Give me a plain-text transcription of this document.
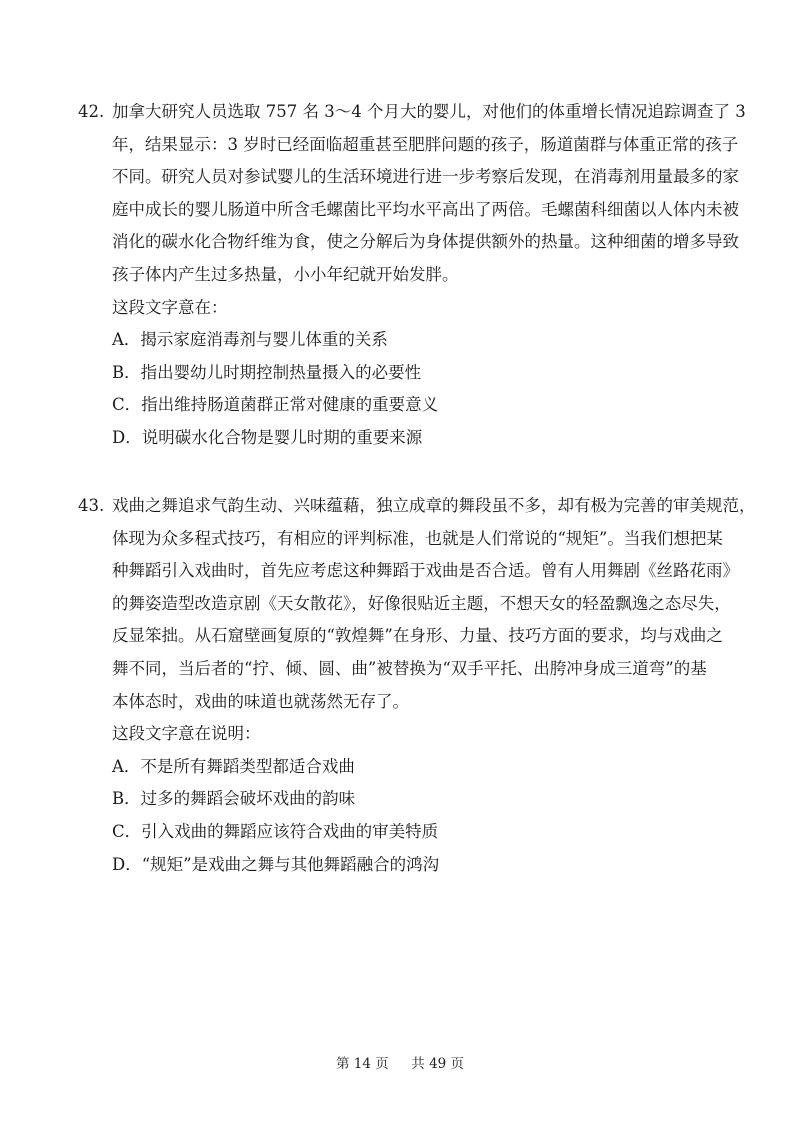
42. 加拿大研究人员选取 757 名 3～4 个月大的婴儿，对他们的体重增长情况追踪调查了 3
年，结果显示：3 岁时已经面临超重甚至肥胖问题的孩子，肠道菌群与体重正常的孩子
不同。研究人员对参试婴儿的生活环境进行进一步考察后发现，在消毒剂用量最多的家
庭中成长的婴儿肠道中所含毛螺菌比平均水平高出了两倍。毛螺菌科细菌以人体内未被
消化的碳水化合物纤维为食，使之分解后为身体提供额外的热量。这种细菌的增多导致
孩子体内产生过多热量，小小年纪就开始发胖。
这段文字意在：
A．揭示家庭消毒剂与婴儿体重的关系
B．指出婴幼儿时期控制热量摄入的必要性
C．指出维持肠道菌群正常对健康的重要意义
D．说明碳水化合物是婴儿时期的重要来源
43. 戏曲之舞追求气韵生动、兴味蕴藉，独立成章的舞段虽不多，却有极为完善的审美规范，
体现为众多程式技巧，有相应的评判标准，也就是人们常说的“规矩”。当我们想把某
种舞蹈引入戏曲时，首先应考虑这种舞蹈于戏曲是否合适。曾有人用舞剧《丝路花雨》
的舞姿造型改造京剧《天女散花》，好像很贴近主题，不想天女的轻盈飘逸之态尽失，
反显笨拙。从石窟壁画复原的“敦煌舞”在身形、力量、技巧方面的要求，均与戏曲之
舞不同，当后者的“拧、倾、圆、曲”被替换为“双手平托、出胯冲身成三道弯”的基
本体态时，戏曲的味道也就荡然无存了。
这段文字意在说明：
A．不是所有舞蹈类型都适合戏曲
B．过多的舞蹈会破坏戏曲的韵味
C．引入戏曲的舞蹈应该符合戏曲的审美特质
D．“规矩”是戏曲之舞与其他舞蹈融合的鸿沟
第 14 页 共 49 页
